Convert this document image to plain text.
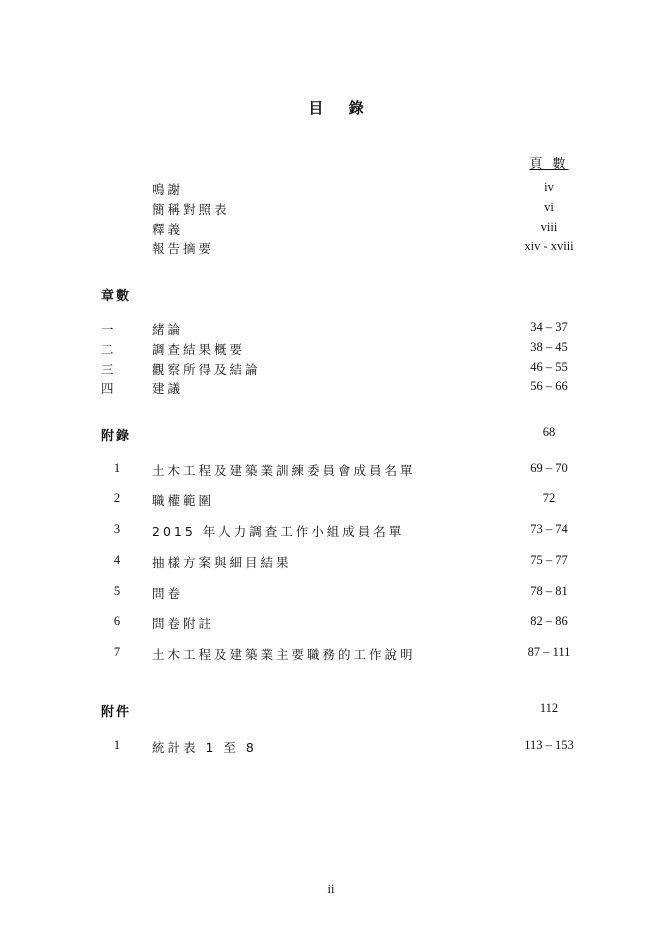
目 錄
頁 數
鳴謝	iv
簡稱對照表	vi
釋義	viii
報告摘要	xiv - xviii
章數
一	緒論	34 – 37
二	調查結果概要	38 – 45
三	觀察所得及結論	46 – 55
四	建議	56 – 66
附錄	68
1	土木工程及建築業訓練委員會成員名單	69 – 70
2	職權範圍	72
3	2015 年人力調查工作小組成員名單	73 – 74
4	抽樣方案與細目結果	75 – 77
5	問卷	78 – 81
6	問卷附註	82 – 86
7	土木工程及建築業主要職務的工作說明	87 – 111
附件	112
1	統計表 1 至 8	113 – 153
ii
